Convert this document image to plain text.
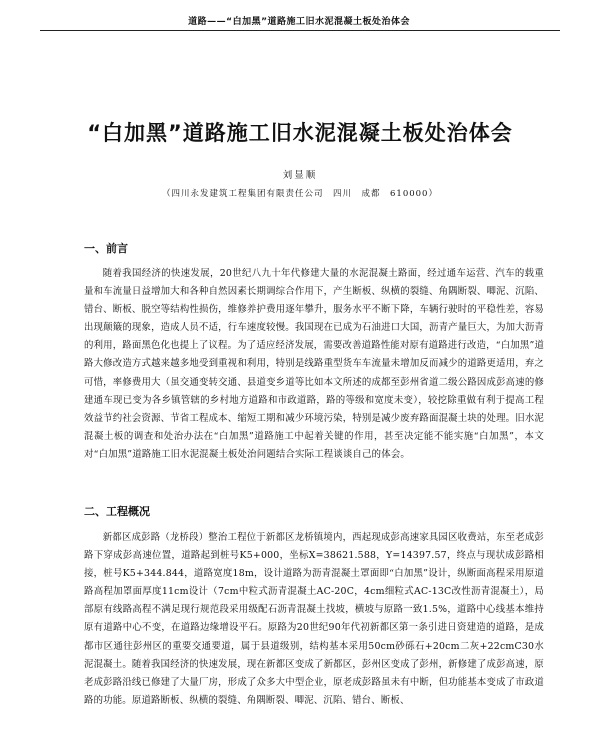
道路——“白加黑”道路施工旧水泥混凝土板处治体会
“白加黑”道路施工旧水泥混凝土板处治体会
刘显顺
（四川永发建筑工程集团有限责任公司　四川　成都　610000）
一、前言
随着我国经济的快速发展，20世纪八九十年代修建大量的水泥混凝土路面，经过通车运营、汽车的载重量和车流量日益增加大和各种自然因素长期调综合作用下，产生断板、纵横的裂缝、角隅断裂、唧泥、沉陷、错台、断板、脱空等结构性损伤，维修养护费用逐年攀升，服务水平不断下降，车辆行驶时的平稳性差，容易出现颠簸的现象，造成人员不适，行车速度较慢。我国现在已成为石油进口大国，沥青产量巨大，为加大沥青的利用，路面黑色化也提上了议程。为了适应经济发展，需要改善道路性能对原有道路进行改造，“白加黑”道路大修改造方式越来越多地受到重视和利用，特别是线路重型货车车流量未增加反而减少的道路更适用，弃之可惜，率修费用大（虽交通变转交通、县道变乡道等比如本文所述的成都至彭州省道二级公路因成彭高速的修建通车现已变为各乡镇管辖的乡村地方道路和市政道路，路的等级和宽度未变），较挖除重做有利于提高工程效益节约社会资源、节省工程成本、缩短工期和减少环境污染，特别是减少废弃路面混凝土块的处理。旧水泥混凝土板的调查和处治办法在“白加黑”道路施工中起着关键的作用，甚至决定能不能实施“白加黑”，本文对“白加黑”道路施工旧水泥混凝土板处治问题结合实际工程谈谈自己的体会。
二、工程概况
新都区成彭路（龙桥段）整治工程位于新都区龙桥镇境内，西起现成彭高速家具园区收费站，东至老成彭路下穿成彭高速位置，道路起到桩号K5+000，坐标X=38621.588，Y=14397.57，终点与现状成彭路相接，桩号K5+344.844，道路宽度18m，设计道路为沥青混凝土罩面即“白加黑”设计，纵断面高程采用原道路高程加罩面厚度11cm设计（7cm中粒式沥青混凝土AC-20C，4cm细粒式AC-13C改性沥青混凝土），局部原有线路高程不满足现行规范段采用级配石沥青混凝土找坡，横坡与原路一致1.5%，道路中心线基本维持原有道路中心不变，在道路边缘增设平石。原路为20世纪90年代初新都区第一条引进日资建造的道路，是成都市区通往彭州区的重要交通要道，属于县道级别，结构基本采用50cm砂砾石+20cm二灰+22cmC30水泥混凝土。随着我国经济的快速发展，现在新都区变成了新都区，彭州区变成了彭州，新修建了成彭高速，原老成彭路沿线已修建了大量厂房，形成了众多大中型企业，原老成彭路虽未有中断，但功能基本变成了市政道路的功能。原道路断板、纵横的裂缝、角隅断裂、唧泥、沉陷、错台、断板、
